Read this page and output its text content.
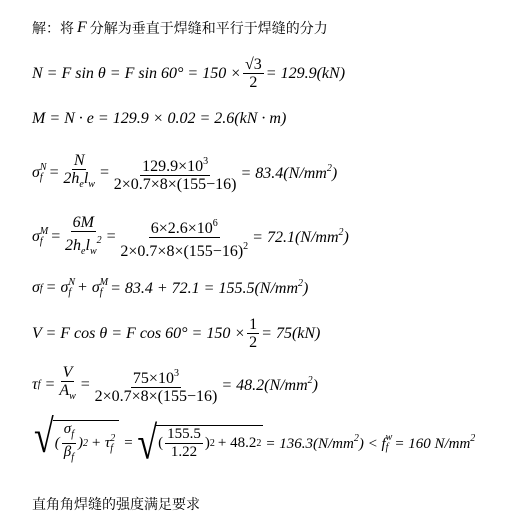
解：将 F 分解为垂直于焊缝和平行于焊缝的分力
N = F sin θ = F $\sin 60^\circ = 150 \times \frac{√3}{2} = 129.9(kN)$
M = N · e = 129.9 × 0.02 = 2.6(kN · m)
σ N
$f = \frac{N}{2h_el_w} = \frac{129.9\times 10^3}{2\times 0.7\times 8\times(155-16)} = 83.4(N/mm^2)$
σ M
$f = \frac{6M}{2h_el_w^2} = \frac{6\times 2.6\times 10^6}{2\times 0.7\times 8\times(155-16)^2} = 72.1(N/mm^2)$
σ f = σ N
f + σ M
$f = 83.4 + 72.1 = 155.5(N/mm^2)$
V = F cos θ = F $\cos 60^\circ = 150 \times \frac{1}{2} = 75(kN)$
τ $f = \frac{V}{A_w} = \frac{75\times 10^3}{2\times 0.7\times 8\times(155-16)} = 48.2(N/mm^2)$
√ ( $\frac{\sigma_f}{\beta_f}$ ) 2 + τ 2
f = √ ( $\frac{155.5}{1.22}$ ) 2 + 48.2 $2 = 136.3(N/mm^2) < f$ w
f = 160 $N/mm^2$
直角角焊缝的强度满足要求
